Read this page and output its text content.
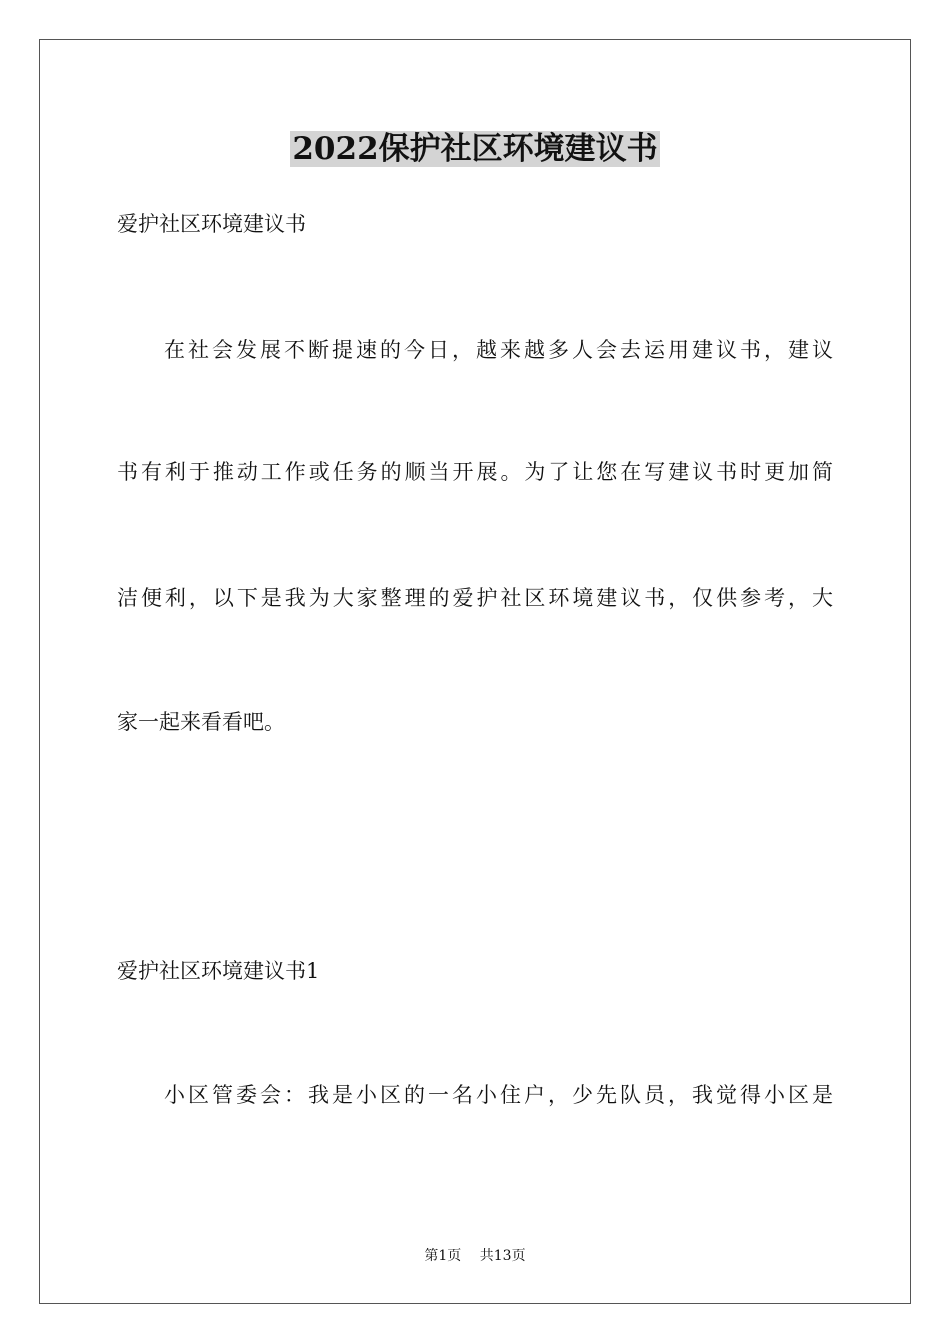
2022保护社区环境建议书
爱护社区环境建议书
在社会发展不断提速的今日，越来越多人会去运用建议书，建议
书有利于推动工作或任务的顺当开展。为了让您在写建议书时更加简
洁便利，以下是我为大家整理的爱护社区环境建议书，仅供参考，大
家一起来看看吧。
爱护社区环境建议书1
小区管委会：我是小区的一名小住户，少先队员，我觉得小区是
第1页 共13页
